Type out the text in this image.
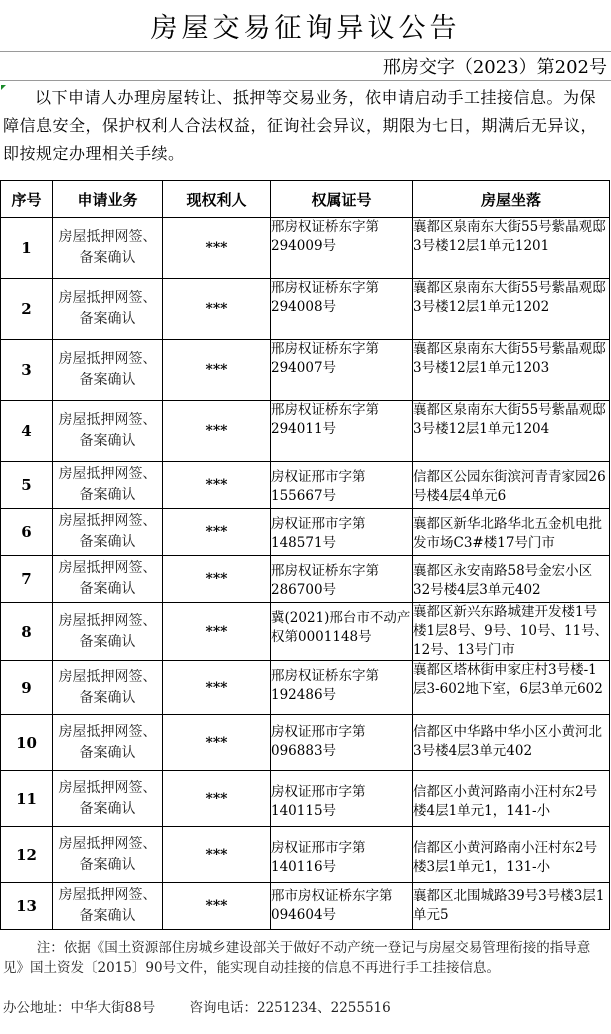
房屋交易征询异议公告
邢房交字（2023）第202号
以下申请人办理房屋转让、抵押等交易业务，依申请启动手工挂接信息。为保障信息安全，保护权利人合法权益，征询社会异议，期限为七日，期满后无异议，即按规定办理相关手续。
序号	申请业务	现权利人	权属证号	房屋坐落
1	房屋抵押网签、备案确认	***	邢房权证桥东字第294009号	襄都区泉南东大街55号紫晶观邸3号楼12层1单元1201
2	房屋抵押网签、备案确认	***	邢房权证桥东字第294008号	襄都区泉南东大街55号紫晶观邸3号楼12层1单元1202
3	房屋抵押网签、备案确认	***	邢房权证桥东字第294007号	襄都区泉南东大街55号紫晶观邸3号楼12层1单元1203
4	房屋抵押网签、备案确认	***	邢房权证桥东字第294011号	襄都区泉南东大街55号紫晶观邸3号楼12层1单元1204
5	房屋抵押网签、备案确认	***	房权证邢市字第155667号	信都区公园东街滨河青青家园26号楼4层4单元6
6	房屋抵押网签、备案确认	***	房权证邢市字第148571号	襄都区新华北路华北五金机电批发市场C3#楼17号门市
7	房屋抵押网签、备案确认	***	邢房权证桥东字第286700号	襄都区永安南路58号金宏小区32号楼4层3单元402
8	房屋抵押网签、备案确认	***	冀(2021)邢台市不动产权第0001148号	襄都区新兴东路城建开发楼1号楼1层8号、9号、10号、11号、12号、13号门市
9	房屋抵押网签、备案确认	***	邢房权证桥东字第192486号	襄都区塔林街申家庄村3号楼-1层3-602地下室，6层3单元602
10	房屋抵押网签、备案确认	***	房权证邢市字第096883号	信都区中华路中华小区小黄河北3号楼4层3单元402
11	房屋抵押网签、备案确认	***	房权证邢市字第140115号	信都区小黄河路南小汪村东2号楼4层1单元1，141-小
12	房屋抵押网签、备案确认	***	房权证邢市字第140116号	信都区小黄河路南小汪村东2号楼3层1单元1，131-小
13	房屋抵押网签、备案确认	***	邢市房权证桥东字第094604号	襄都区北围城路39号3号楼3层1单元5
注：依据《国土资源部住房城乡建设部关于做好不动产统一登记与房屋交易管理衔接的指导意见》国土资发〔2015〕90号文件，能实现自动挂接的信息不再进行手工挂接信息。
办公地址：中华大街88号	咨询电话：2251234、2255516
